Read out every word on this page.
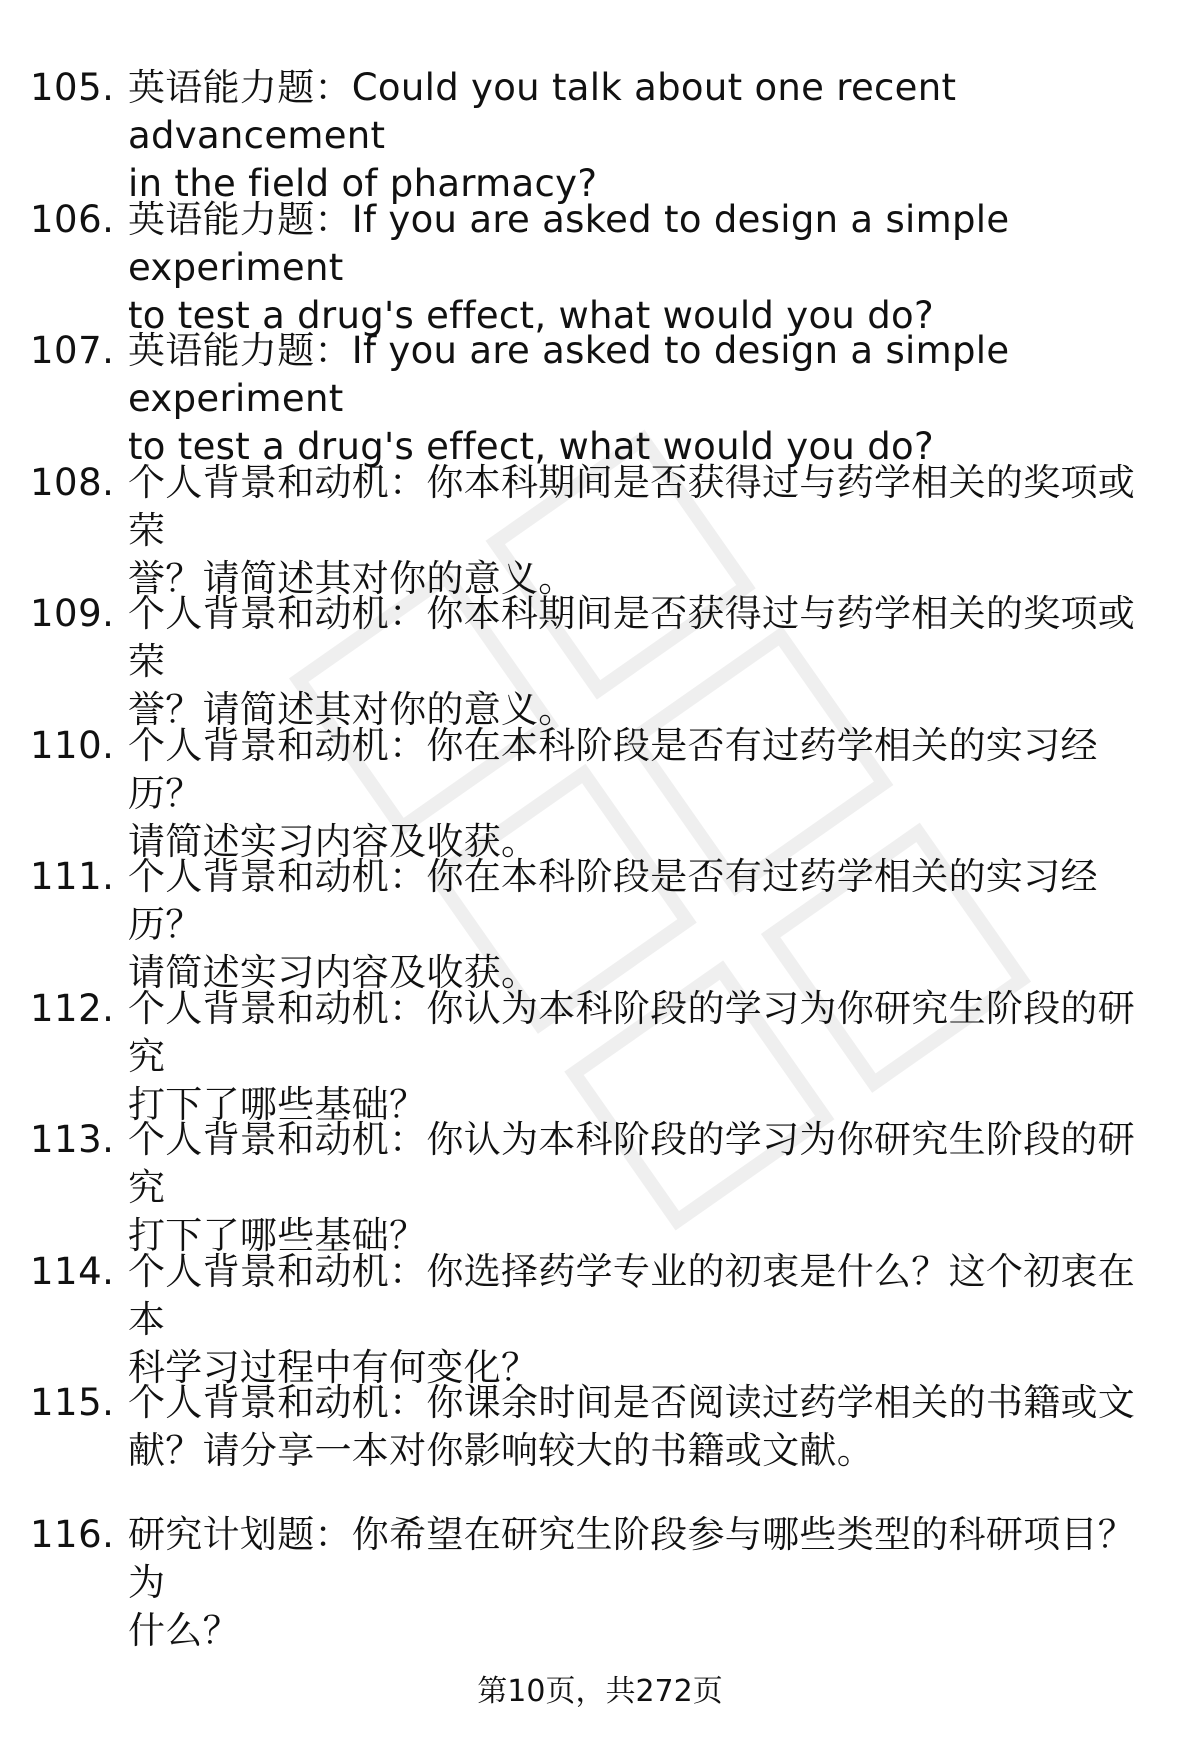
105. 英语能力题：Could you talk about one recent advancement
in the field of pharmacy?
106. 英语能力题：If you are asked to design a simple experiment
to test a drug's effect, what would you do?
107. 英语能力题：If you are asked to design a simple experiment
to test a drug's effect, what would you do?
108. 个人背景和动机：你本科期间是否获得过与药学相关的奖项或荣
誉？请简述其对你的意义。
109. 个人背景和动机：你本科期间是否获得过与药学相关的奖项或荣
誉？请简述其对你的意义。
110. 个人背景和动机：你在本科阶段是否有过药学相关的实习经历？
请简述实习内容及收获。
111. 个人背景和动机：你在本科阶段是否有过药学相关的实习经历？
请简述实习内容及收获。
112. 个人背景和动机：你认为本科阶段的学习为你研究生阶段的研究
打下了哪些基础？
113. 个人背景和动机：你认为本科阶段的学习为你研究生阶段的研究
打下了哪些基础？
114. 个人背景和动机：你选择药学专业的初衷是什么？这个初衷在本
科学习过程中有何变化？
115. 个人背景和动机：你课余时间是否阅读过药学相关的书籍或文
献？请分享一本对你影响较大的书籍或文献。
116. 研究计划题：你希望在研究生阶段参与哪些类型的科研项目？为
什么？
第10页，共272页
